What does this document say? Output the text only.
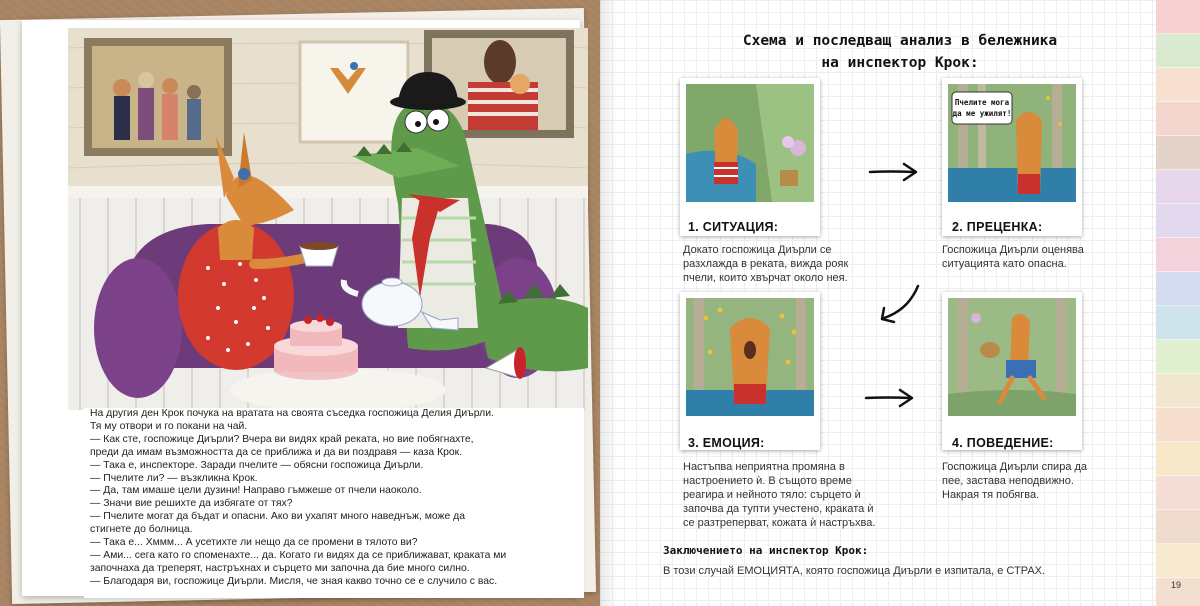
На другия ден Крок почука на вратата на своята съседка госпожица Делия Диърли.

Тя му отвори и го покани на чай.

— Как сте, госпожице Диърли? Вчера ви видях край реката, но вие побягнахте,

преди да имам възможността да се приближа и да ви поздравя — каза Крок.

— Така е, инспекторе. Заради пчелите — обясни госпожица Диърли.

— Пчелите ли? — възкликна Крок.

— Да, там имаше цели дузини! Направо гъмжеше от пчели наоколо.

— Значи вие решихте да избягате от тях?

— Пчелите могат да бъдат и опасни. Ако ви ухапят много наведнъж, може да

стигнете до болница.

— Така е... Хммм... А усетихте ли нещо да се промени в тялото ви?

— Ами... сега като го споменахте... да. Когато ги видях да се приближават, краката ми

започнаха да треперят, настръхнах и сърцето ми започна да бие много силно.

— Благодаря ви, госпожице Диърли. Мисля, че зная какво точно се е случило с вас.

Схема и последващ анализ в бележника
на инспектор Крок:
1. СИТУАЦИЯ:
Докато госпожица Диърли се
разхлажда в реката, вижда рояк
пчели, които хвърчат около нея.
Пчелите мога
да ме ужилят!
2. ПРЕЦЕНКА:
Госпожица Диърли оценява
ситуацията като опасна.
3. ЕМОЦИЯ:
Настъпва неприятна промяна в
настроението ѝ. В същото време
реагира и нейното тяло: сърцето ѝ
започва да тупти учестено, краката ѝ
се разтреперват, кожата ѝ настръхва.
4. ПОВЕДЕНИЕ:
Госпожица Диърли спира да
пее, застава неподвижно.
Накрая тя побягва.
Заключението на инспектор Крок:
В този случай ЕМОЦИЯТА, която госпожица Диърли е изпитала, е СТРАХ.
19
